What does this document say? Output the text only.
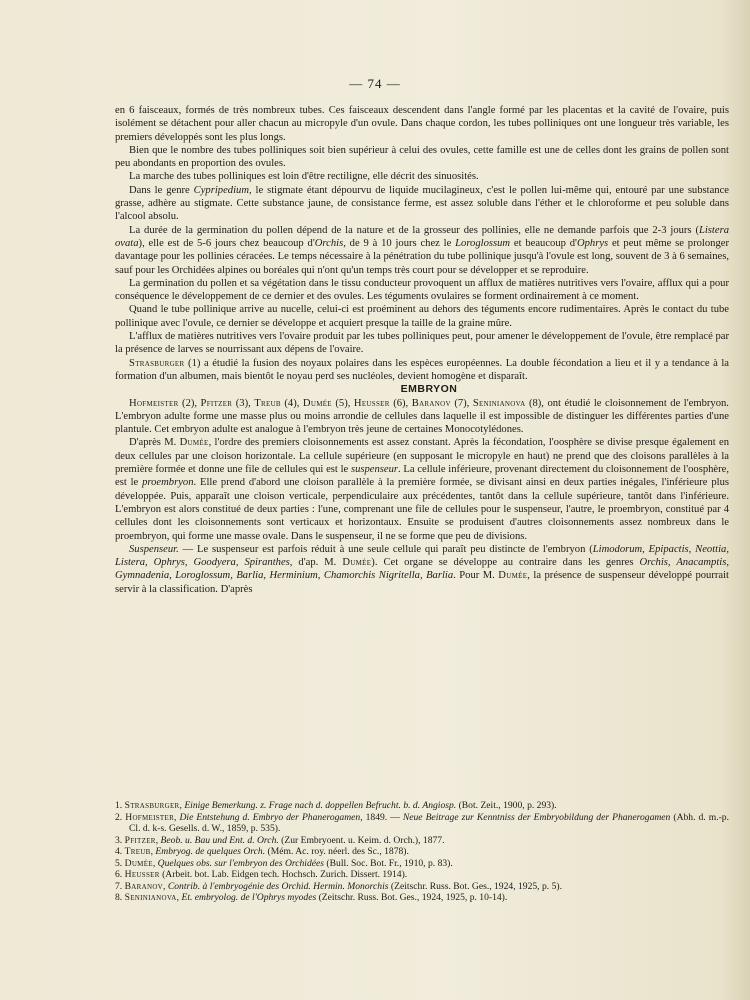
— 74 —

en 6 faisceaux, formés de très nombreux tubes. Ces faisceaux descendent dans l'angle formé par les placentas et la cavité de l'ovaire, puis isolément se détachent pour aller chacun au micropyle d'un ovule. Dans chaque cordon, les tubes polliniques ont une longueur très variable, les premiers développés sont les plus longs.

Bien que le nombre des tubes polliniques soit bien supérieur à celui des ovules, cette famille est une de celles dont les grains de pollen sont peu abondants en proportion des ovules.

La marche des tubes polliniques est loin d'être rectiligne, elle décrit des sinuosités.

Dans le genre Cypripedium, le stigmate étant dépourvu de liquide mucilagineux, c'est le pollen lui-même qui, entouré par une substance grasse, adhère au stigmate. Cette substance jaune, de consistance ferme, est assez soluble dans l'éther et le chloroforme et peu soluble dans l'alcool absolu.

La durée de la germination du pollen dépend de la nature et de la grosseur des pollinies, elle ne demande parfois que 2-3 jours (Listera ovata), elle est de 5-6 jours chez beaucoup d'Orchis, de 9 à 10 jours chez le Loroglossum et beaucoup d'Ophrys et peut même se prolonger davantage pour les pollinies céracées. Le temps nécessaire à la pénétration du tube pollinique jusqu'à l'ovule est long, souvent de 3 à 6 semaines, sauf pour les Orchidées alpines ou boréales qui n'ont qu'un temps très court pour se développer et se reproduire.

La germination du pollen et sa végétation dans le tissu conducteur provoquent un afflux de matières nutritives vers l'ovaire, afflux qui a pour conséquence le développement de ce dernier et des ovules. Les téguments ovulaires se forment ordinairement à ce moment.

Quand le tube pollinique arrive au nucelle, celui-ci est proéminent au dehors des téguments encore rudimentaires. Après le contact du tube pollinique avec l'ovule, ce dernier se développe et acquiert presque la taille de la graine mûre.

L'afflux de matières nutritives vers l'ovaire produit par les tubes polliniques peut, pour amener le développement de l'ovule, être remplacé par la présence de larves se nourrissant aux dépens de l'ovaire.

Strasburger (1) a étudié la fusion des noyaux polaires dans les espèces européennes. La double fécondation a lieu et il y a tendance à la formation d'un albumen, mais bientôt le noyau perd ses nucléoles, devient homogène et disparaît.

EMBRYON

Hofmeister (2), Pfitzer (3), Treub (4), Dumée (5), Heusser (6), Baranov (7), Seninianova (8), ont étudié le cloisonnement de l'embryon. L'embryon adulte forme une masse plus ou moins arrondie de cellules dans laquelle il est impossible de distinguer les différentes parties d'une plantule. Cet embryon adulte est analogue à l'embryon très jeune de certaines Monocotylédones.

D'après M. Dumée, l'ordre des premiers cloisonnements est assez constant. Après la fécondation, l'oosphère se divise presque également en deux cellules par une cloison horizontale. La cellule supérieure (en supposant le micropyle en haut) ne prend que des cloisons parallèles à la première formée et donne une file de cellules qui est le suspenseur. La cellule inférieure, provenant directement du cloisonnement de l'oosphère, est le proembryon. Elle prend d'abord une cloison parallèle à la première formée, se divisant ainsi en deux parties inégales, l'inférieure plus développée. Puis, apparaît une cloison verticale, perpendiculaire aux précédentes, tantôt dans la cellule supérieure, tantôt dans l'inférieure. L'embryon est alors constitué de deux parties : l'une, comprenant une file de cellules pour le suspenseur, l'autre, le proembryon, constitué par 4 cellules dont les cloisonnements sont verticaux et horizontaux. Ensuite se produisent d'autres cloisonnements assez nombreux dans le proembryon, qui forme une masse ovale. Dans le suspenseur, il ne se forme que peu de divisions.

Suspenseur. — Le suspenseur est parfois réduit à une seule cellule qui paraît peu distincte de l'embryon (Limodorum, Epipactis, Neottia, Listera, Ophrys, Goodyera, Spiranthes, d'ap. M. Dumée). Cet organe se développe au contraire dans les genres Orchis, Anacamptis, Gymnadenia, Loroglossum, Barlia, Herminium, Chamorchis Nigritella, Barlia. Pour M. Dumée, la présence de suspenseur développé pourrait servir à la classification. D'après

1. Strasburger, Einige Bemerkung. z. Frage nach d. doppellen Befrucht. b. d. Angiosp. (Bot. Zeit., 1900, p. 293).

2. Hofmeister, Die Entstehung d. Embryo der Phanerogamen, 1849. — Neue Beitrage zur Kenntniss der Embryobildung der Phanerogamen (Abh. d. m.-p. Cl. d. k-s. Gesells. d. W., 1859, p. 535).

3. Pfitzer, Beob. u. Bau und Ent. d. Orch. (Zur Embryoent. u. Keim. d. Orch.), 1877.

4. Treub, Embryog. de quelques Orch. (Mém. Ac. roy. néerl. des Sc., 1878).

5. Dumée, Quelques obs. sur l'embryon des Orchidées (Bull. Soc. Bot. Fr., 1910, p. 83).

6. Heusser (Arbeit. bot. Lab. Eidgen tech. Hochsch. Zurich. Dissert. 1914).

7. Baranov, Contrib. à l'embryogénie des Orchid. Hermin. Monorchis (Zeitschr. Russ. Bot. Ges., 1924, 1925, p. 5).

8. Seninianova, Et. embryolog. de l'Ophrys myodes (Zeitschr. Russ. Bot. Ges., 1924, 1925, p. 10-14).
